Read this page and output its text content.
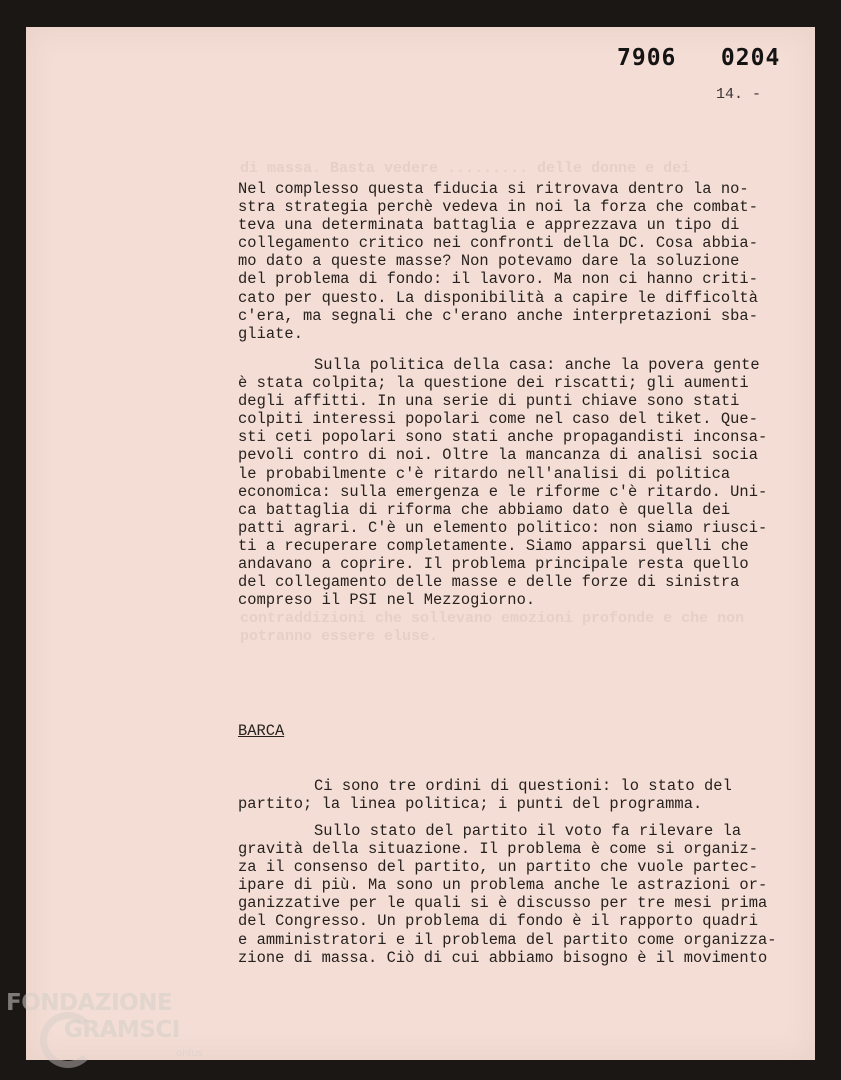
di massa. Basta vedere ......... delle donne e dei
contraddizioni che sollevano emozioni profonde e che non
potranno essere eluse.
7906   0204
14. -

Nel complesso questa fiducia si ritrovava dentro la no-
stra strategia perchè vedeva in noi la forza che combat-
teva una determinata battaglia e apprezzava un tipo di
collegamento critico nei confronti della DC. Cosa abbia-
mo dato a queste masse? Non potevamo dare la soluzione
del problema di fondo: il lavoro. Ma non ci hanno criti-
cato per questo. La disponibilità a capire le difficoltà
c'era, ma segnali che c'erano anche interpretazioni sba-
gliate.

Sulla politica della casa: anche la povera gente
è stata colpita; la questione dei riscatti; gli aumenti
degli affitti. In una serie di punti chiave sono stati
colpiti interessi popolari come nel caso del tiket. Que-
sti ceti popolari sono stati anche propagandisti inconsa-
pevoli contro di noi. Oltre la mancanza di analisi socia
le probabilmente c'è ritardo nell'analisi di politica
economica: sulla emergenza e le riforme c'è ritardo. Uni-
ca battaglia di riforma che abbiamo dato è quella dei
patti agrari. C'è un elemento politico: non siamo riusci-
ti a recuperare completamente. Siamo apparsi quelli che
andavano a coprire. Il problema principale resta quello
del collegamento delle masse e delle forze di sinistra
compreso il PSI nel Mezzogiorno.

BARCA

Ci sono tre ordini di questioni: lo stato del
partito; la linea politica; i punti del programma.

Sullo stato del partito il voto fa rilevare la
gravità della situazione. Il problema è come si organiz-
za il consenso del partito, un partito che vuole partec-
ipare di più. Ma sono un problema anche le astrazioni or-
ganizzative per le quali si è discusso per tre mesi prima
del Congresso. Un problema di fondo è il rapporto quadri
e amministratori e il problema del partito come organizza-
zione di massa. Ciò di cui abbiamo bisogno è il movimento

FONDAZIONE
GRAMSCI
onlus
